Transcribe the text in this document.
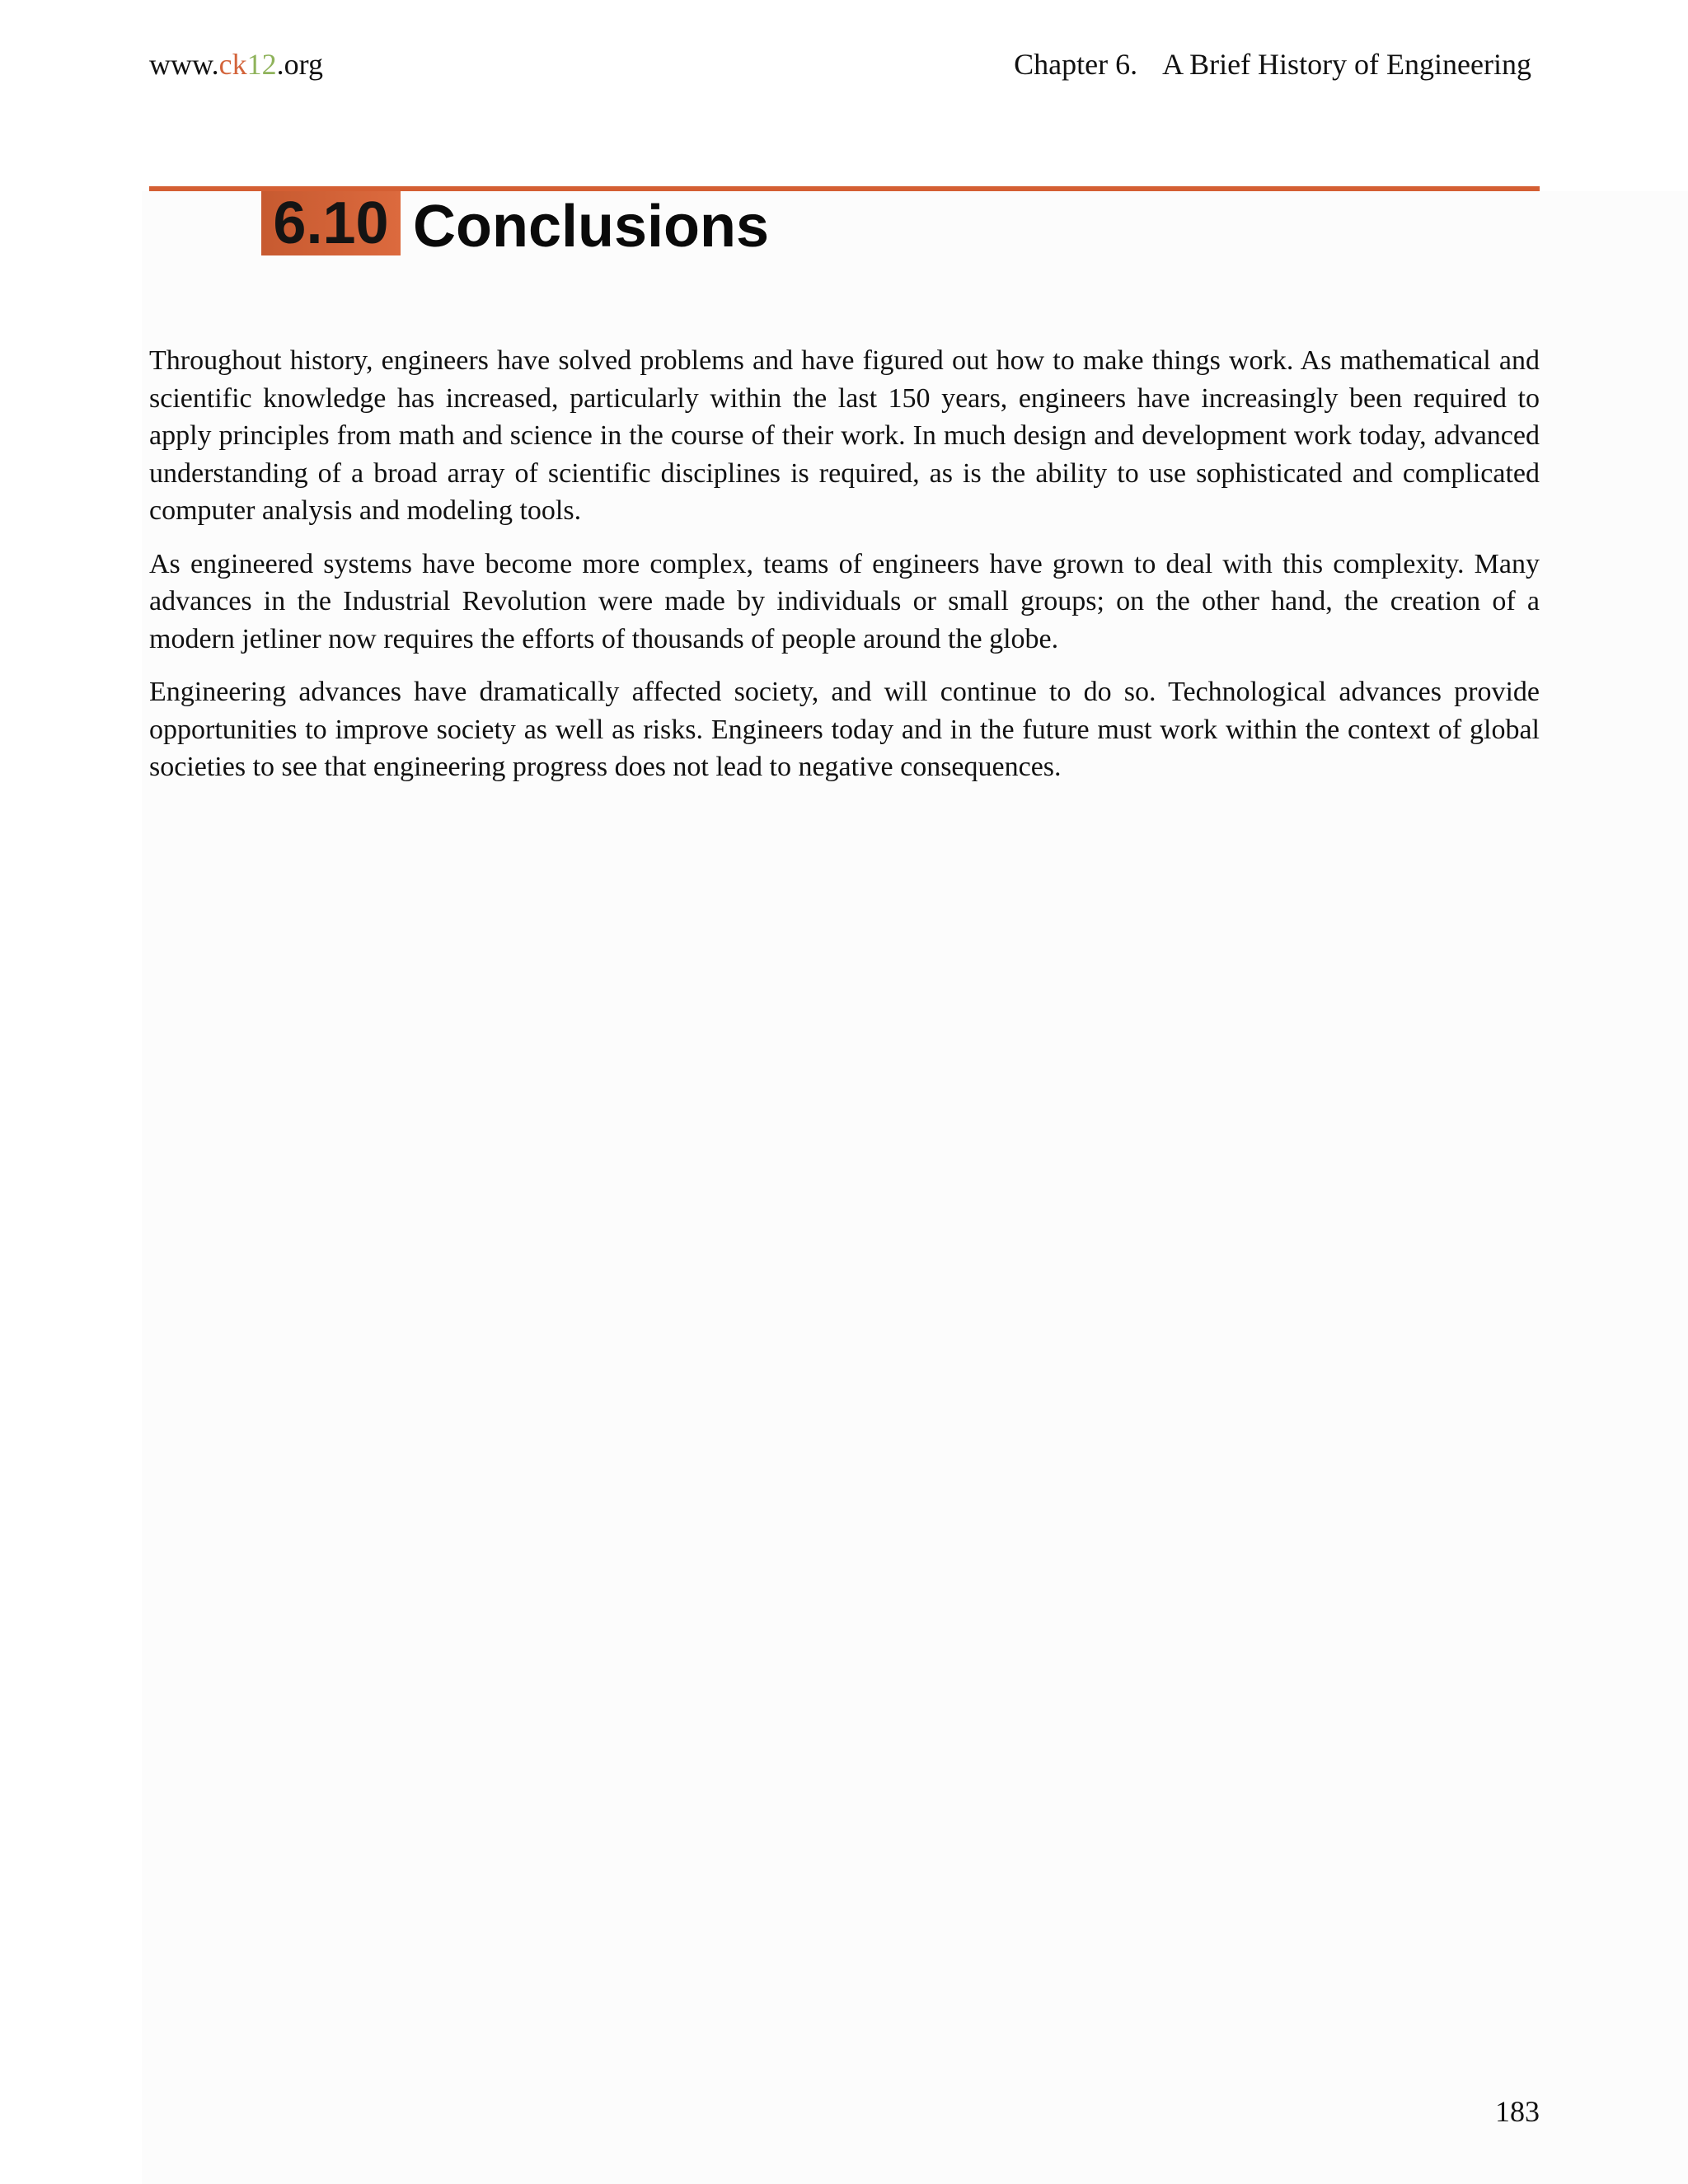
www.ck12.org	Chapter 6. A Brief History of Engineering
6.10 Conclusions

Throughout history, engineers have solved problems and have figured out how to make things work. As mathematical and scientific knowledge has increased, particularly within the last 150 years, engineers have increasingly been required to apply principles from math and science in the course of their work. In much design and development work today, advanced understanding of a broad array of scientific disciplines is required, as is the ability to use sophisticated and complicated computer analysis and modeling tools.

As engineered systems have become more complex, teams of engineers have grown to deal with this complexity. Many advances in the Industrial Revolution were made by individuals or small groups; on the other hand, the creation of a modern jetliner now requires the efforts of thousands of people around the globe.

Engineering advances have dramatically affected society, and will continue to do so. Technological advances provide opportunities to improve society as well as risks. Engineers today and in the future must work within the context of global societies to see that engineering progress does not lead to negative consequences.

183
